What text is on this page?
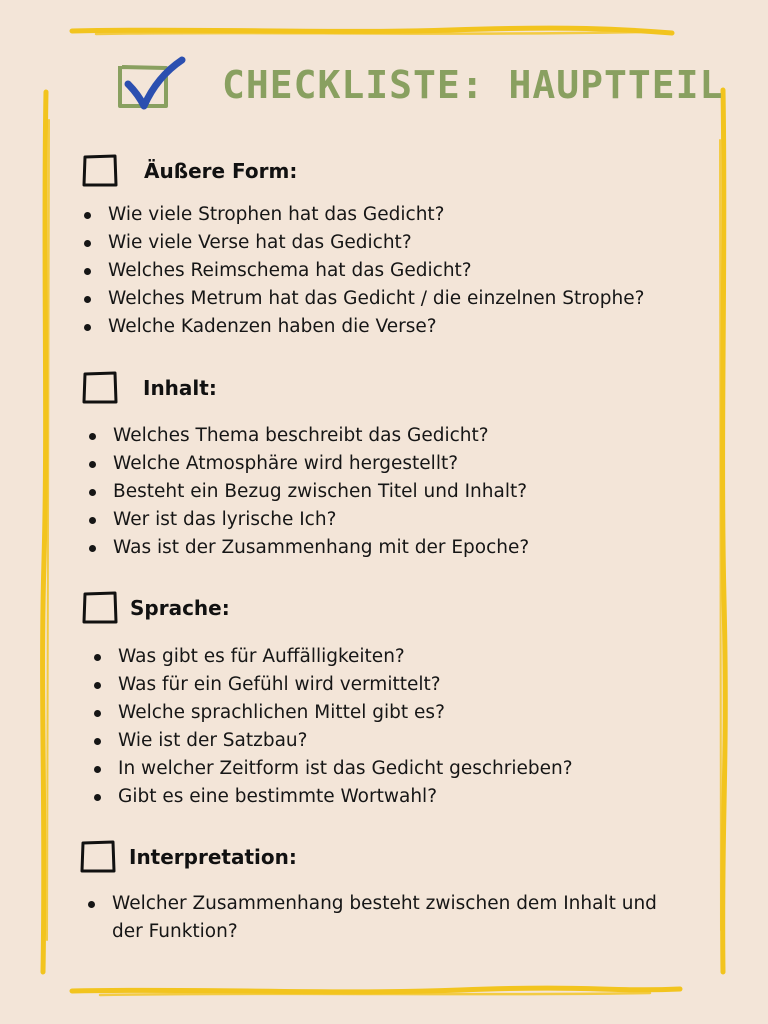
CHECKLISTE: HAUPTTEIL
Äußere Form:
Wie viele Strophen hat das Gedicht?
Wie viele Verse hat das Gedicht?
Welches Reimschema hat das Gedicht?
Welches Metrum hat das Gedicht / die einzelnen Strophe?
Welche Kadenzen haben die Verse?
Inhalt:
Welches Thema beschreibt das Gedicht?
Welche Atmosphäre wird hergestellt?
Besteht ein Bezug zwischen Titel und Inhalt?
Wer ist das lyrische Ich?
Was ist der Zusammenhang mit der Epoche?
Sprache:
Was gibt es für Auffälligkeiten?
Was für ein Gefühl wird vermittelt?
Welche sprachlichen Mittel gibt es?
Wie ist der Satzbau?
In welcher Zeitform ist das Gedicht geschrieben?
Gibt es eine bestimmte Wortwahl?
Interpretation:
Welcher Zusammenhang besteht zwischen dem Inhalt und der Funktion?
